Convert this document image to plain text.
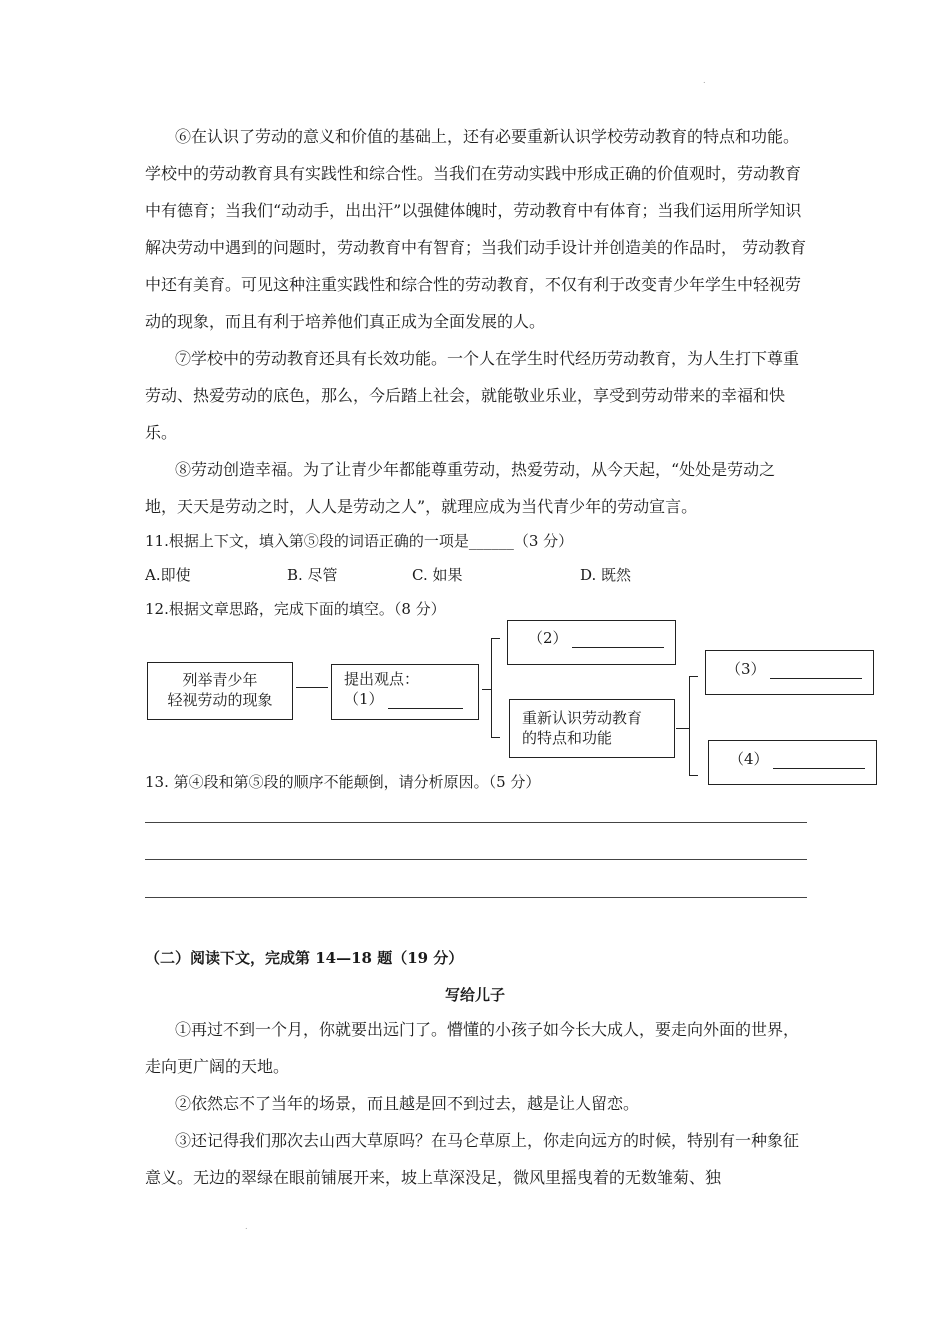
.

⑥在认识了劳动的意义和价值的基础上，还有必要重新认识学校劳动教育的特点和功能。学校中的劳动教育具有实践性和综合性。当我们在劳动实践中形成正确的价值观时，劳动教育中有德育；当我们“动动手，出出汗”以强健体魄时，劳动教育中有体育；当我们运用所学知识解决劳动中遇到的问题时，劳动教育中有智育；当我们动手设计并创造美的作品时， 劳动教育中还有美育。可见这种注重实践性和综合性的劳动教育，不仅有利于改变青少年学生中轻视劳动的现象，而且有利于培养他们真正成为全面发展的人。

⑦学校中的劳动教育还具有长效功能。一个人在学生时代经历劳动教育，为人生打下尊重劳动、热爱劳动的底色，那么，今后踏上社会，就能敬业乐业，享受到劳动带来的幸福和快乐。

⑧劳动创造幸福。为了让青少年都能尊重劳动，热爱劳动，从今天起，“处处是劳动之地，天天是劳动之时，人人是劳动之人”，就理应成为当代青少年的劳动宣言。

11.根据上下文，填入第⑤段的词语正确的一项是______（3 分）

A.即使	B. 尽管	C. 如果	D. 既然

12.根据文章思路，完成下面的填空。（8 分）

列举青少年
轻视劳动的现象
提出观点：
（1）
（2）
重新认识劳动教育
的特点和功能
（3）
（4）

13. 第④段和第⑤段的顺序不能颠倒，请分析原因。（5 分）

（二）阅读下文，完成第 14—18 题（19 分）

写给儿子

①再过不到一个月，你就要出远门了。懵懂的小孩子如今长大成人，要走向外面的世界，走向更广阔的天地。

②依然忘不了当年的场景，而且越是回不到过去，越是让人留恋。

③还记得我们那次去山西大草原吗？在马仑草原上，你走向远方的时候，特别有一种象征意义。无边的翠绿在眼前铺展开来，坡上草深没足，微风里摇曳着的无数雏菊、独

.
